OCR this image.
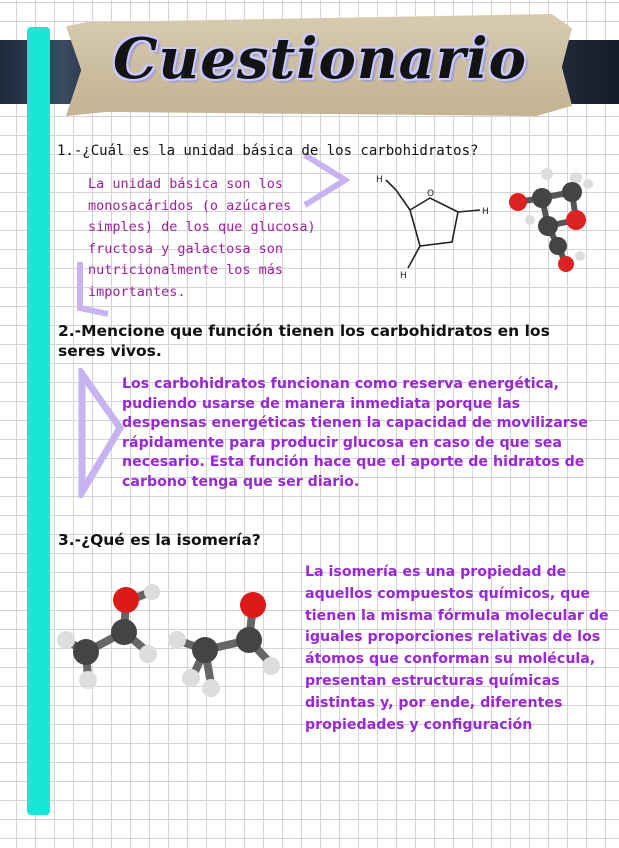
Cuestionario
1.-¿Cuál es la unidad básica de los carbohidratos?
La unidad básica son los monosacáridos (o azúcares simples) de los que glucosa) fructosa y galactosa son nutricionalmente los más importantes.
H
O
H
H
2.-Mencione que función tienen los carbohidratos en los seres vivos.
Los carbohidratos funcionan como reserva energética, pudiendo usarse de manera inmediata porque las despensas energéticas tienen la capacidad de movilizarse rápidamente para producir glucosa en caso de que sea necesario. Esta función hace que el aporte de hidratos de carbono tenga que ser diario.
3.-¿Qué es la isomería?
La isomería es una propiedad de aquellos compuestos químicos, que tienen la misma fórmula molecular de iguales proporciones relativas de los átomos que conforman su molécula, presentan estructuras químicas distintas y, por ende, diferentes propiedades y configuración
